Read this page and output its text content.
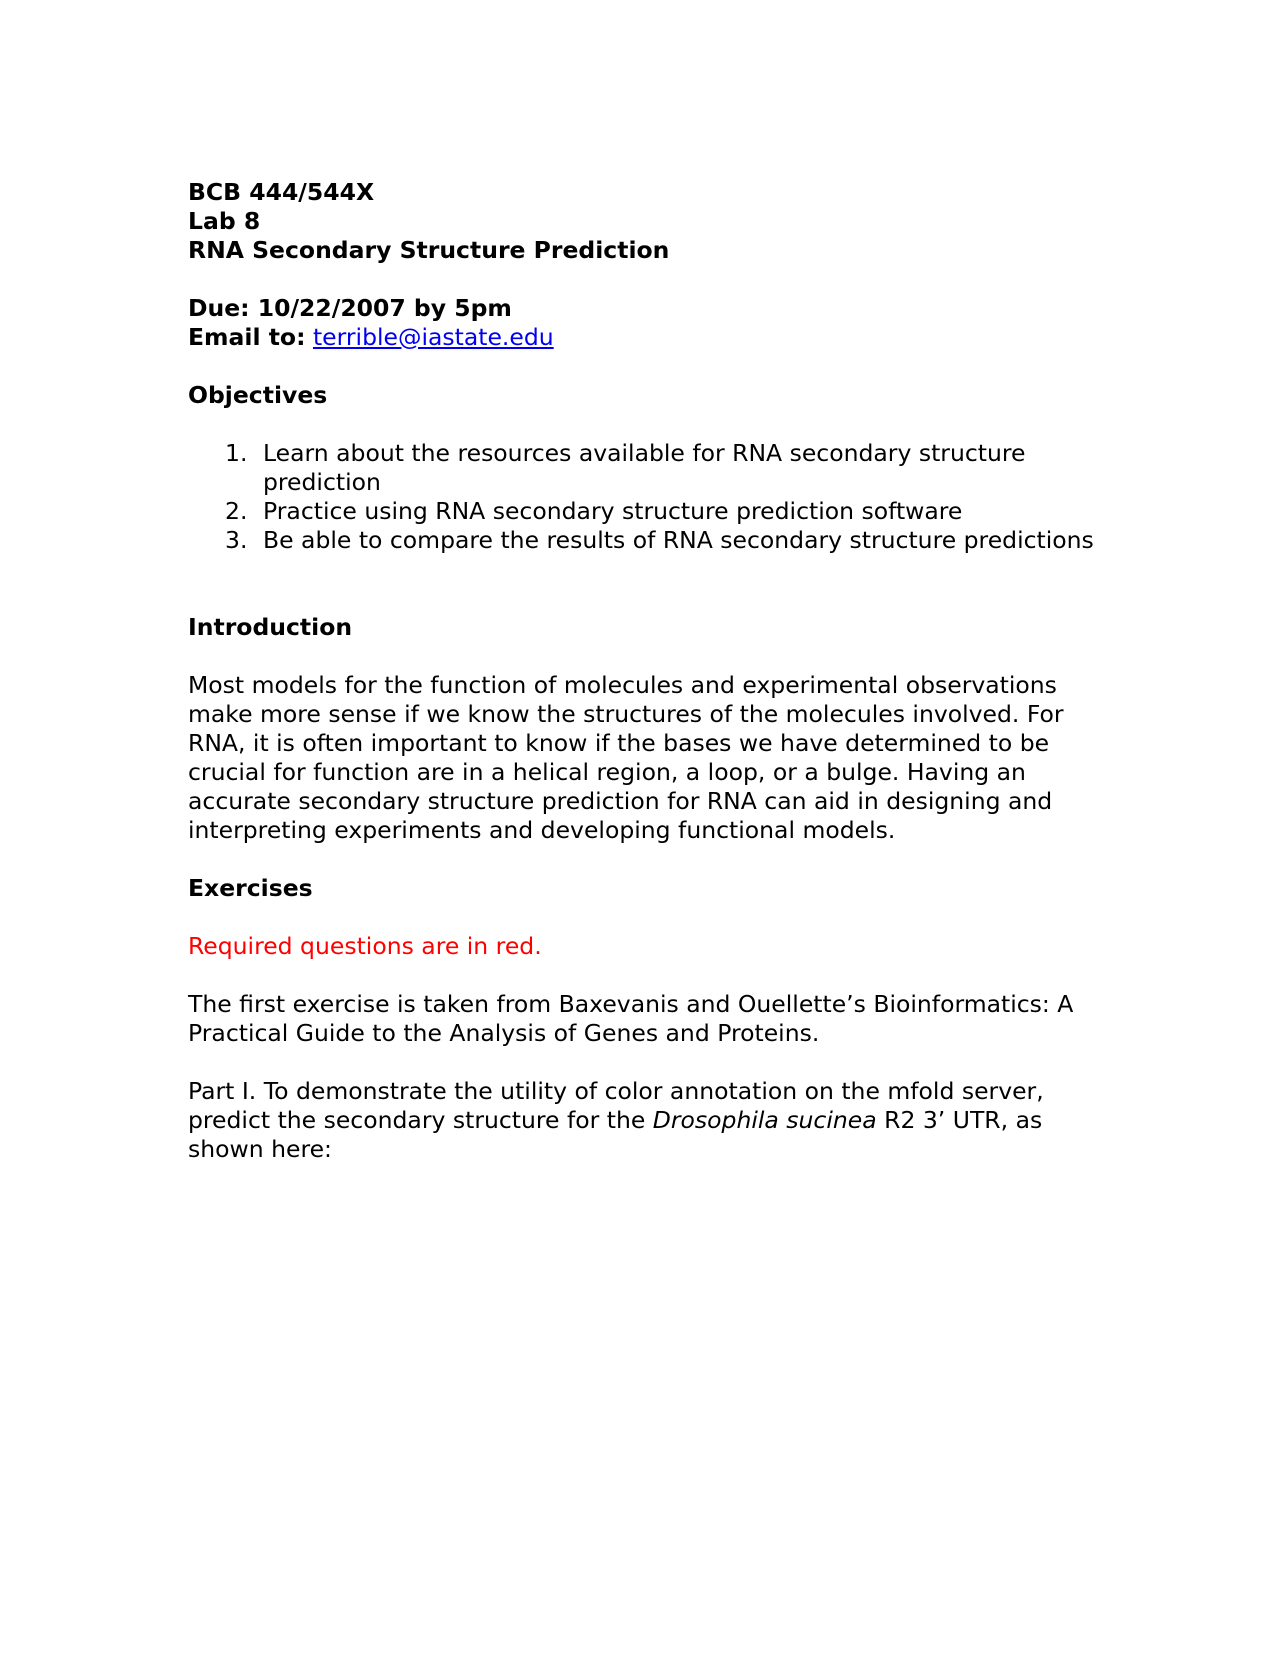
BCB 444/544X
Lab 8
RNA Secondary Structure Prediction
Due: 10/22/2007 by 5pm
Email to: terrible@iastate.edu

Objectives

1. Learn about the resources available for RNA secondary structure prediction
2. Practice using RNA secondary structure prediction software
3. Be able to compare the results of RNA secondary structure predictions

Introduction

Most models for the function of molecules and experimental observations make more sense if we know the structures of the molecules involved. For RNA, it is often important to know if the bases we have determined to be crucial for function are in a helical region, a loop, or a bulge. Having an accurate secondary structure prediction for RNA can aid in designing and interpreting experiments and developing functional models.

Exercises

Required questions are in red.

The first exercise is taken from Baxevanis and Ouellette’s Bioinformatics: A Practical Guide to the Analysis of Genes and Proteins.

Part I. To demonstrate the utility of color annotation on the mfold server, predict the secondary structure for the Drosophila sucinea R2 3’ UTR, as shown here:
